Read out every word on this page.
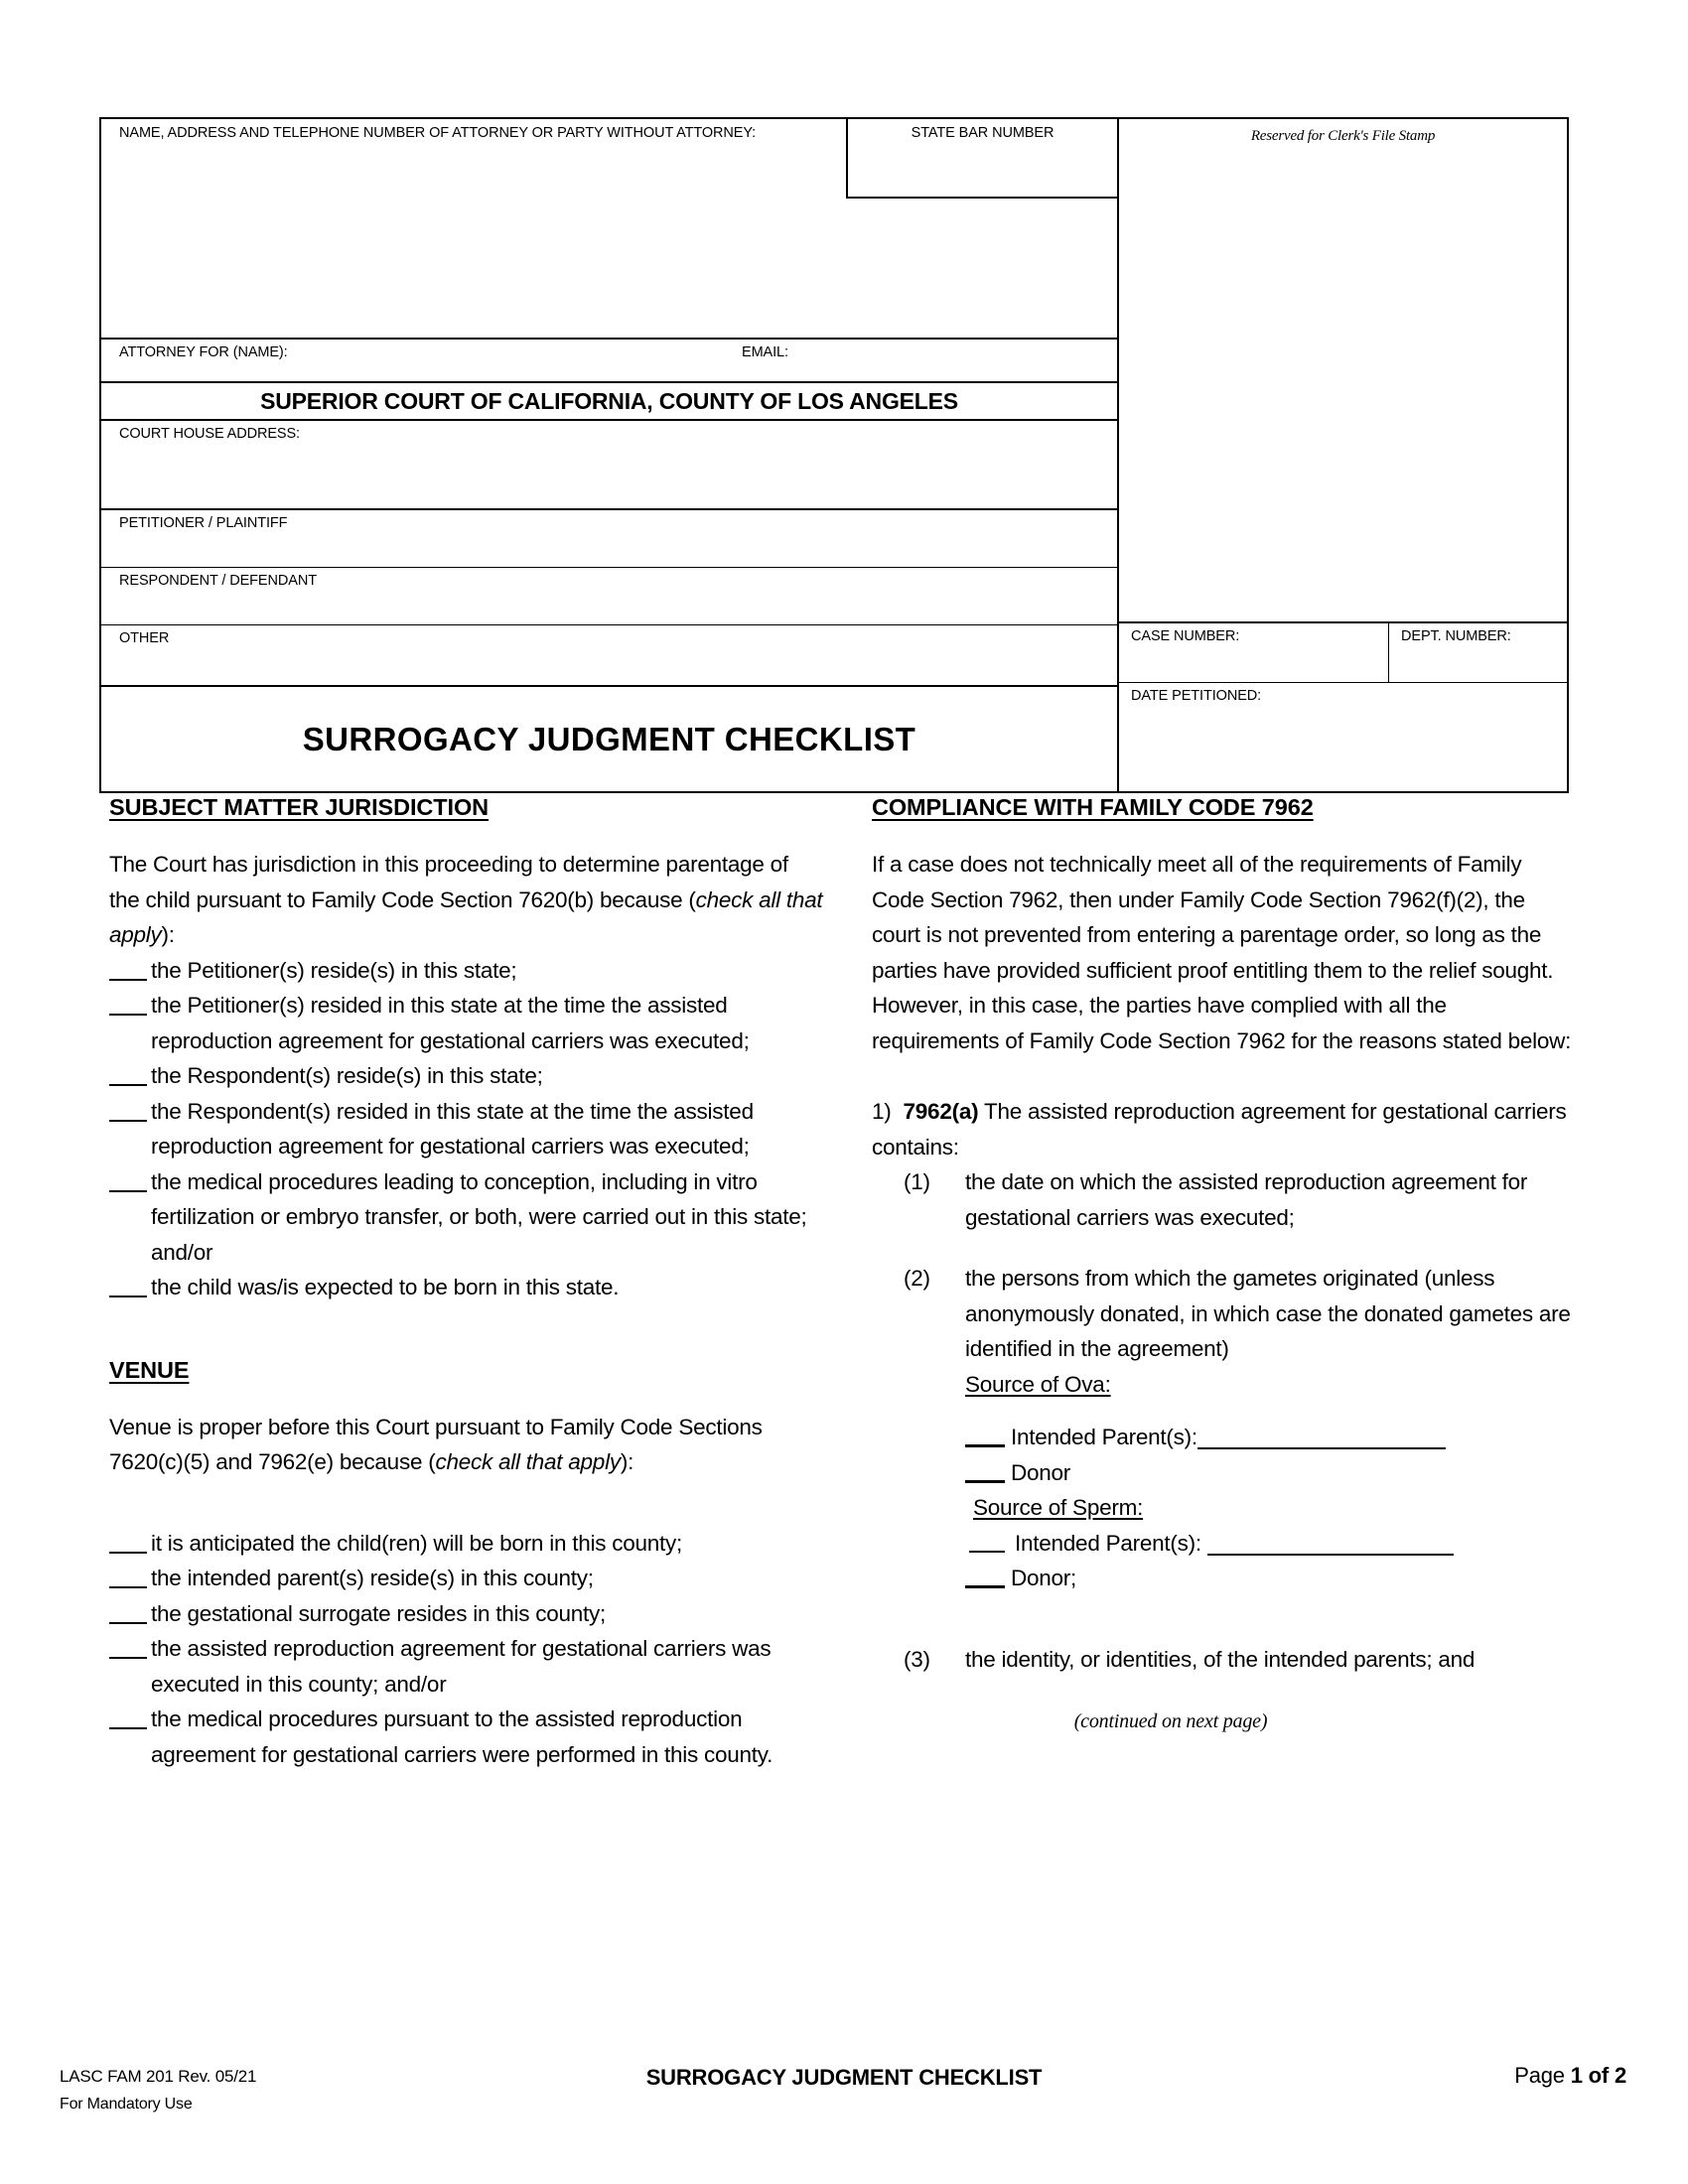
NAME, ADDRESS AND TELEPHONE NUMBER OF ATTORNEY OR PARTY WITHOUT ATTORNEY:	STATE BAR NUMBER
ATTORNEY FOR (NAME):	EMAIL:
SUPERIOR COURT OF CALIFORNIA, COUNTY OF LOS ANGELES
COURT HOUSE ADDRESS:
PETITIONER / PLAINTIFF
RESPONDENT / DEFENDANT
OTHER
SURROGACY JUDGMENT CHECKLIST
Reserved for Clerk's File Stamp
CASE NUMBER:	DEPT. NUMBER:
DATE PETITIONED:
SUBJECT MATTER JURISDICTION

The Court has jurisdiction in this proceeding to determine parentage of the child pursuant to Family Code Section 7620(b) because (check all that apply):

the Petitioner(s) reside(s) in this state;
the Petitioner(s) resided in this state at the time the assisted reproduction agreement for gestational carriers was executed;
the Respondent(s) reside(s) in this state;
the Respondent(s) resided in this state at the time the assisted reproduction agreement for gestational carriers was executed;
the medical procedures leading to conception, including in vitro fertilization or embryo transfer, or both, were carried out in this state; and/or
the child was/is expected to be born in this state.
VENUE

Venue is proper before this Court pursuant to Family Code Sections 7620(c)(5) and 7962(e) because (check all that apply):

it is anticipated the child(ren) will be born in this county;
the intended parent(s) reside(s) in this county;
the gestational surrogate resides in this county;
the assisted reproduction agreement for gestational carriers was executed in this county; and/or
the medical procedures pursuant to the assisted reproduction agreement for gestational carriers were performed in this county.
COMPLIANCE WITH FAMILY CODE 7962

If a case does not technically meet all of the requirements of Family Code Section 7962, then under Family Code Section 7962(f)(2), the court is not prevented from entering a parentage order, so long as the parties have provided sufficient proof entitling them to the relief sought. However, in this case, the parties have complied with all the requirements of Family Code Section 7962 for the reasons stated below:

1) 7962(a) The assisted reproduction agreement for gestational carriers contains:
(1) the date on which the assisted reproduction agreement for gestational carriers was executed;
(2) the persons from which the gametes originated (unless anonymously donated, in which case the donated gametes are identified in the agreement)
Source of Ova:
Intended Parent(s):
Donor
Source of Sperm:
Intended Parent(s):
Donor;
(3) the identity, or identities, of the intended parents; and
(continued on next page)
LASC FAM 201 Rev. 05/21
For Mandatory Use
SURROGACY JUDGMENT CHECKLIST	Page 1 of 2
